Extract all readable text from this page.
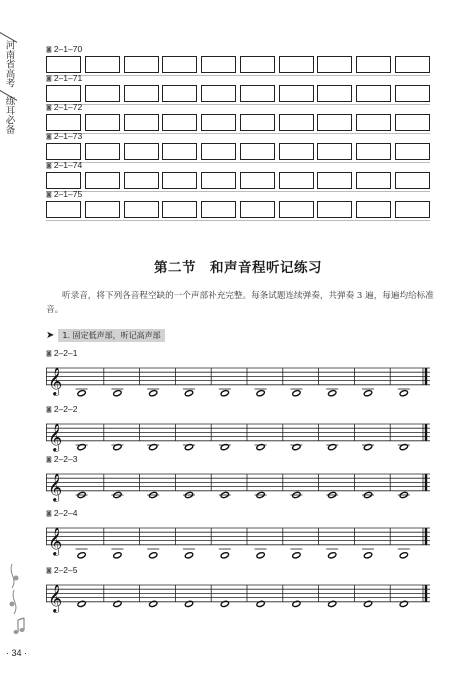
河南省高考
练耳必备
◙ 2–1–70
◙ 2–1–71
◙ 2–1–72
◙ 2–1–73
◙ 2–1–74
◙ 2–1–75
第二节　和声音程听记练习
听录音，将下列各音程空缺的一个声部补充完整。每条试题连续弹奏，共弹奏 3 遍，每遍均给标准音。
➤	1. 固定低声部，听记高声部
◙ 2–2–1
𝄞
◙ 2–2–2
𝄞
◙ 2–2–3
𝄞
◙ 2–2–4
𝄞
◙ 2–2–5
𝄞
· 34 ·
